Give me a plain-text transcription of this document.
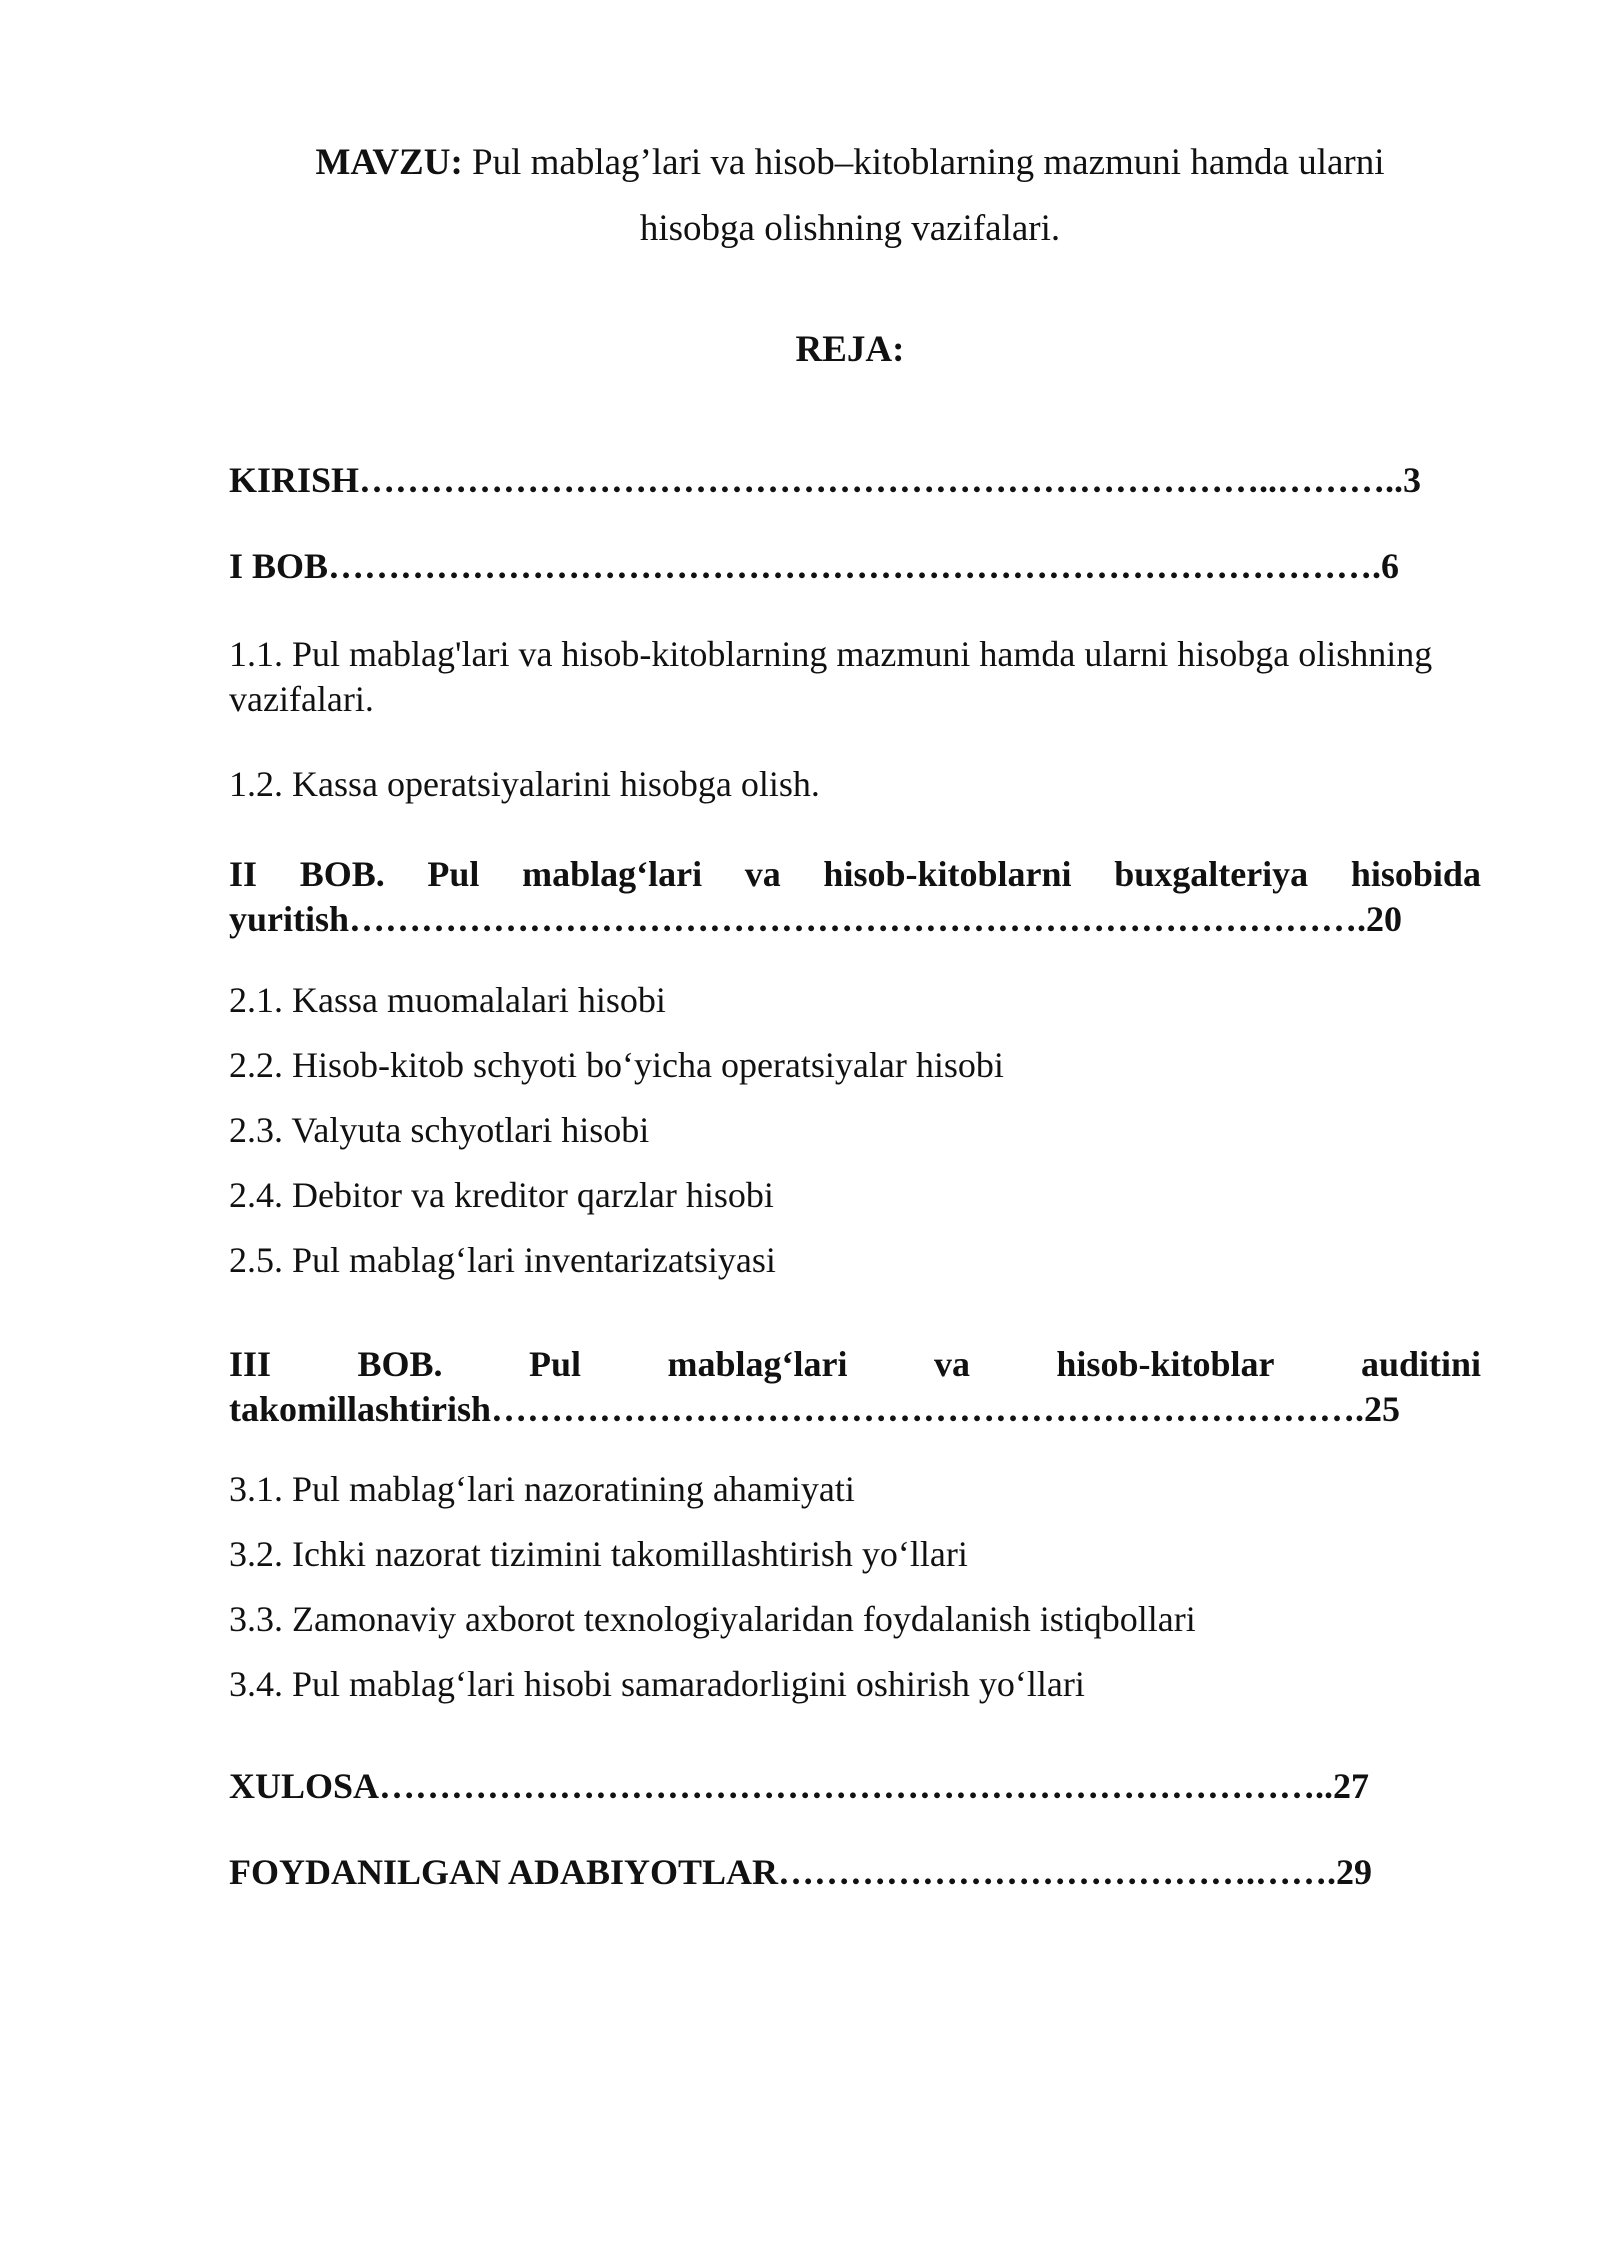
MAVZU: Pul mablag’lari va hisob–kitoblarning mazmuni hamda ularni
hisobga olishning vazifalari.
REJA:
KIRISH…………………………………………………………………..………..3
I BOB…………………………………………………………………………….6
1.1. Pul mablag'lari va hisob-kitoblarning mazmuni hamda ularni hisobga olishning vazifalari.
1.2. Kassa operatsiyalarini hisobga olish.
II BOB. Pul mablag‘lari va hisob-kitoblarni buxgalteriya hisobida
yuritish………………………………………………………………………….20
2.1. Kassa muomalalari hisobi
2.2. Hisob-kitob schyoti bo‘yicha operatsiyalar hisobi
2.3. Valyuta schyotlari hisobi
2.4. Debitor va kreditor qarzlar hisobi
2.5. Pul mablag‘lari inventarizatsiyasi
III BOB. Pul mablag‘lari va hisob-kitoblar auditini
takomillashtirish……………………………………………………………….25
3.1. Pul mablag‘lari nazoratining ahamiyati
3.2. Ichki nazorat tizimini takomillashtirish yo‘llari
3.3. Zamonaviy axborot texnologiyalaridan foydalanish istiqbollari
3.4. Pul mablag‘lari hisobi samaradorligini oshirish yo‘llari
XULOSA……………………………………………………………………..27
FOYDANILGAN ADABIYOTLAR………………………………….…….29
